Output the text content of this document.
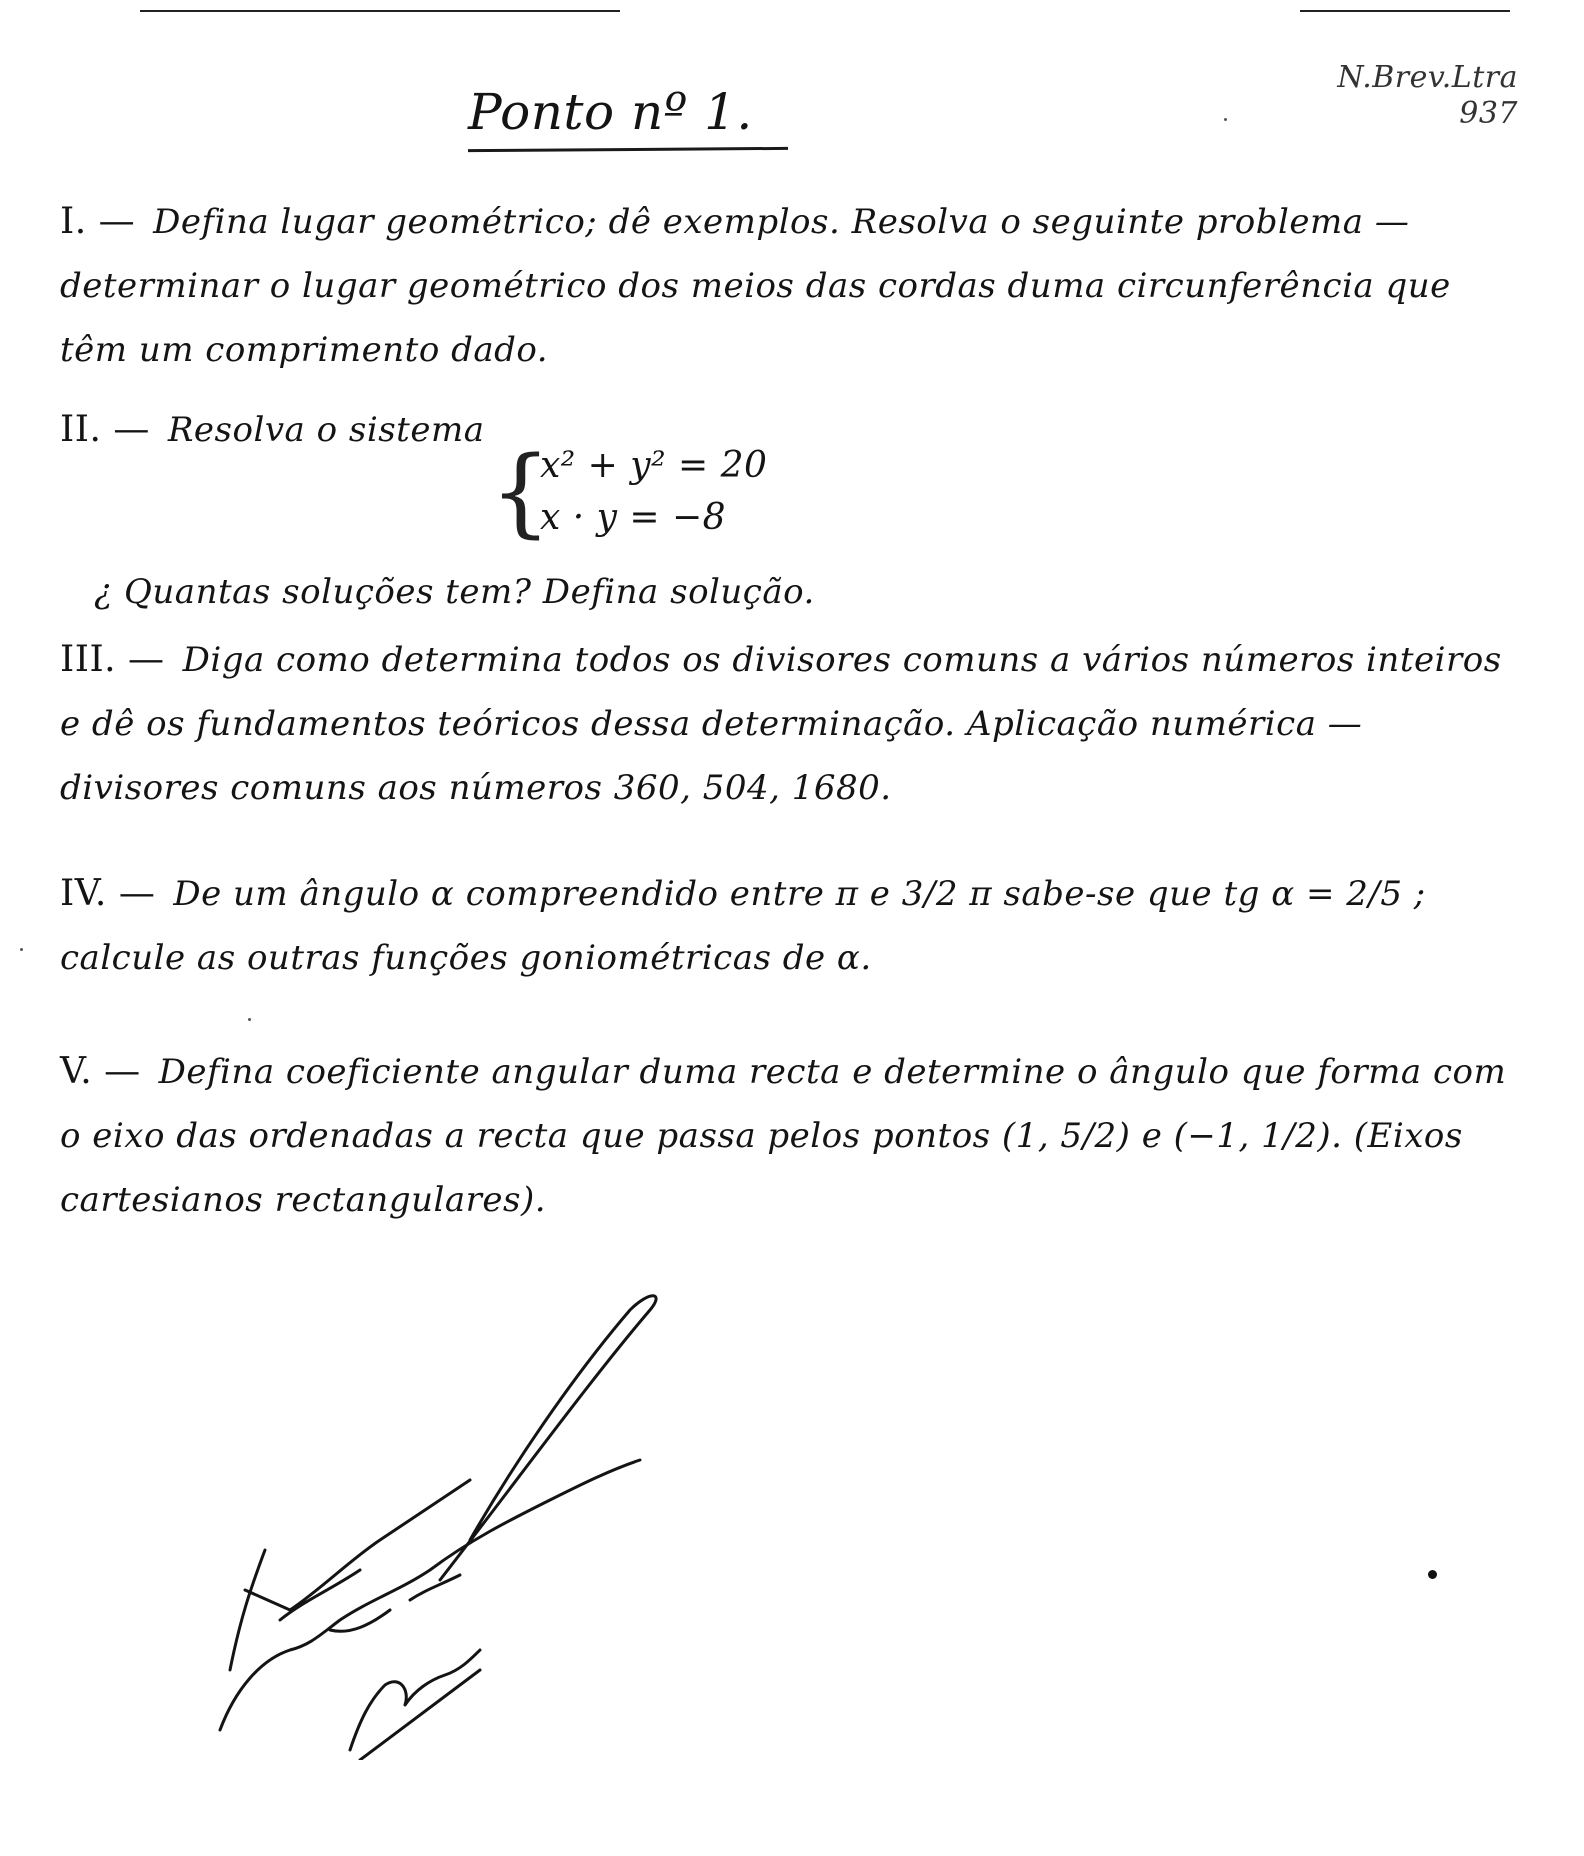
Ponto nº 1.
N.Brev.Ltra
937
I. — Defina lugar geométrico; dê exemplos. Resolva o seguinte problema — determinar o lugar geométrico dos meios das cordas duma circunferência que têm um comprimento dado.
II. — Resolva o sistema
{
x² + y² = 20
x · y = −8
¿ Quantas soluções tem? Defina solução.
III. — Diga como determina todos os divisores comuns a vários números inteiros e dê os fundamentos teóricos dessa determinação. Aplicação numérica — divisores comuns aos números 360, 504, 1680.
IV. — De um ângulo α compreendido entre π e 3/2 π sabe-se que tg α = 2/5 ; calcule as outras funções goniométricas de α.
V. — Defina coeficiente angular duma recta e determine o ângulo que forma com o eixo das ordenadas a recta que passa pelos pontos (1, 5/2) e (−1, 1/2). (Eixos cartesianos rectangulares).
